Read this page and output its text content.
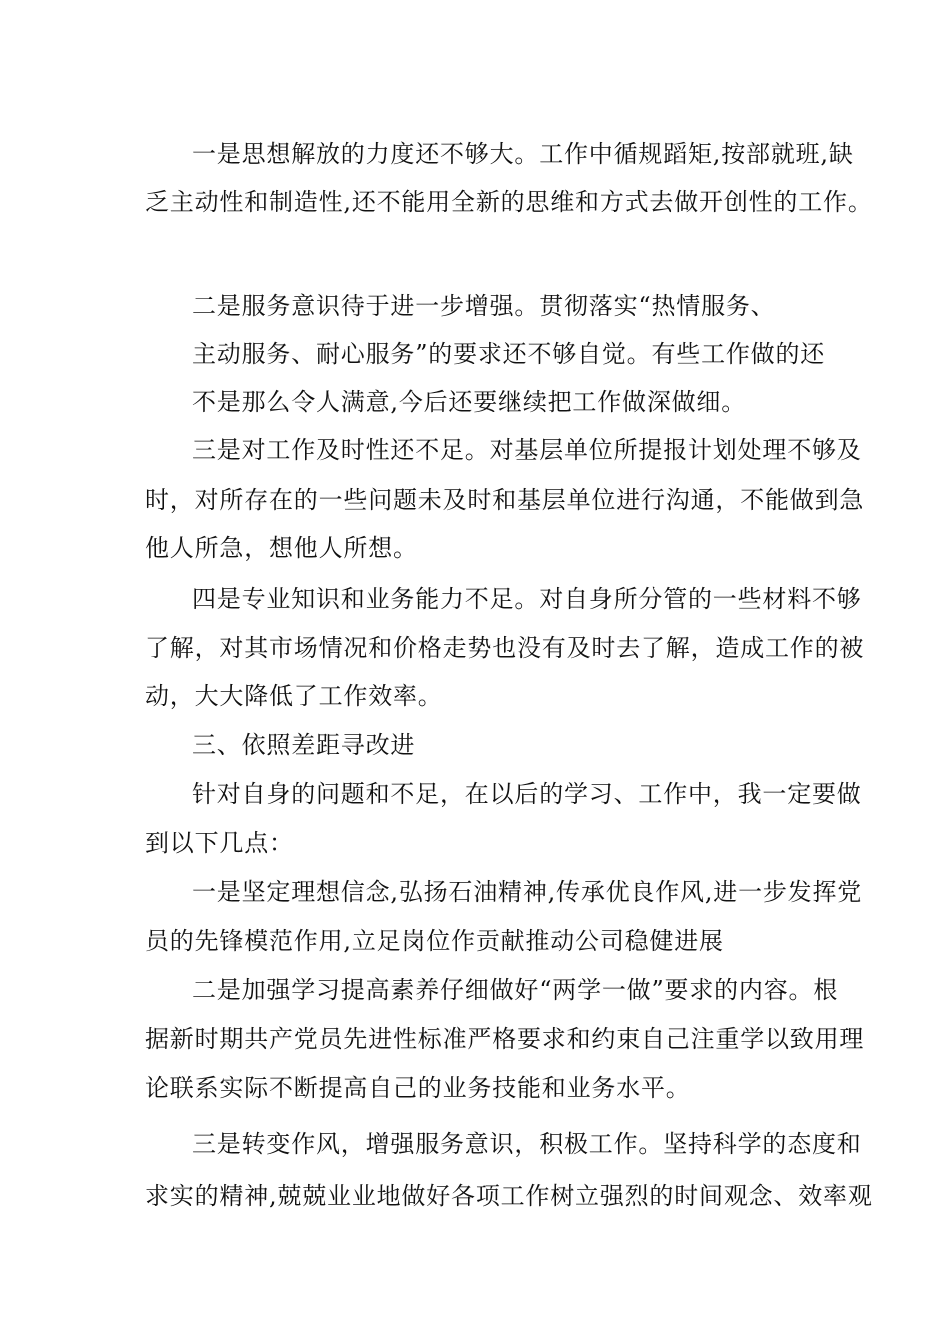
一是思想解放的力度还不够大。工作中循规蹈矩,按部就班,缺
乏主动性和制造性,还不能用全新的思维和方式去做开创性的工作。
二是服务意识待于进一步增强。贯彻落实“热情服务、
主动服务、耐心服务”的要求还不够自觉。有些工作做的还
不是那么令人满意,今后还要继续把工作做深做细。
三是对工作及时性还不足。对基层单位所提报计划处理不够及
时，对所存在的一些问题未及时和基层单位进行沟通，不能做到急
他人所急，想他人所想。
四是专业知识和业务能力不足。对自身所分管的一些材料不够
了解，对其市场情况和价格走势也没有及时去了解，造成工作的被
动，大大降低了工作效率。
三、依照差距寻改进
针对自身的问题和不足，在以后的学习、工作中，我一定要做
到以下几点：
一是坚定理想信念,弘扬石油精神,传承优良作风,进一步发挥党
员的先锋模范作用,立足岗位作贡献推动公司稳健进展
二是加强学习提高素养仔细做好“两学一做”要求的内容。根
据新时期共产党员先进性标准严格要求和约束自己注重学以致用理
论联系实际不断提高自己的业务技能和业务水平。
三是转变作风，增强服务意识，积极工作。坚持科学的态度和
求实的精神,兢兢业业地做好各项工作树立强烈的时间观念、效率观
